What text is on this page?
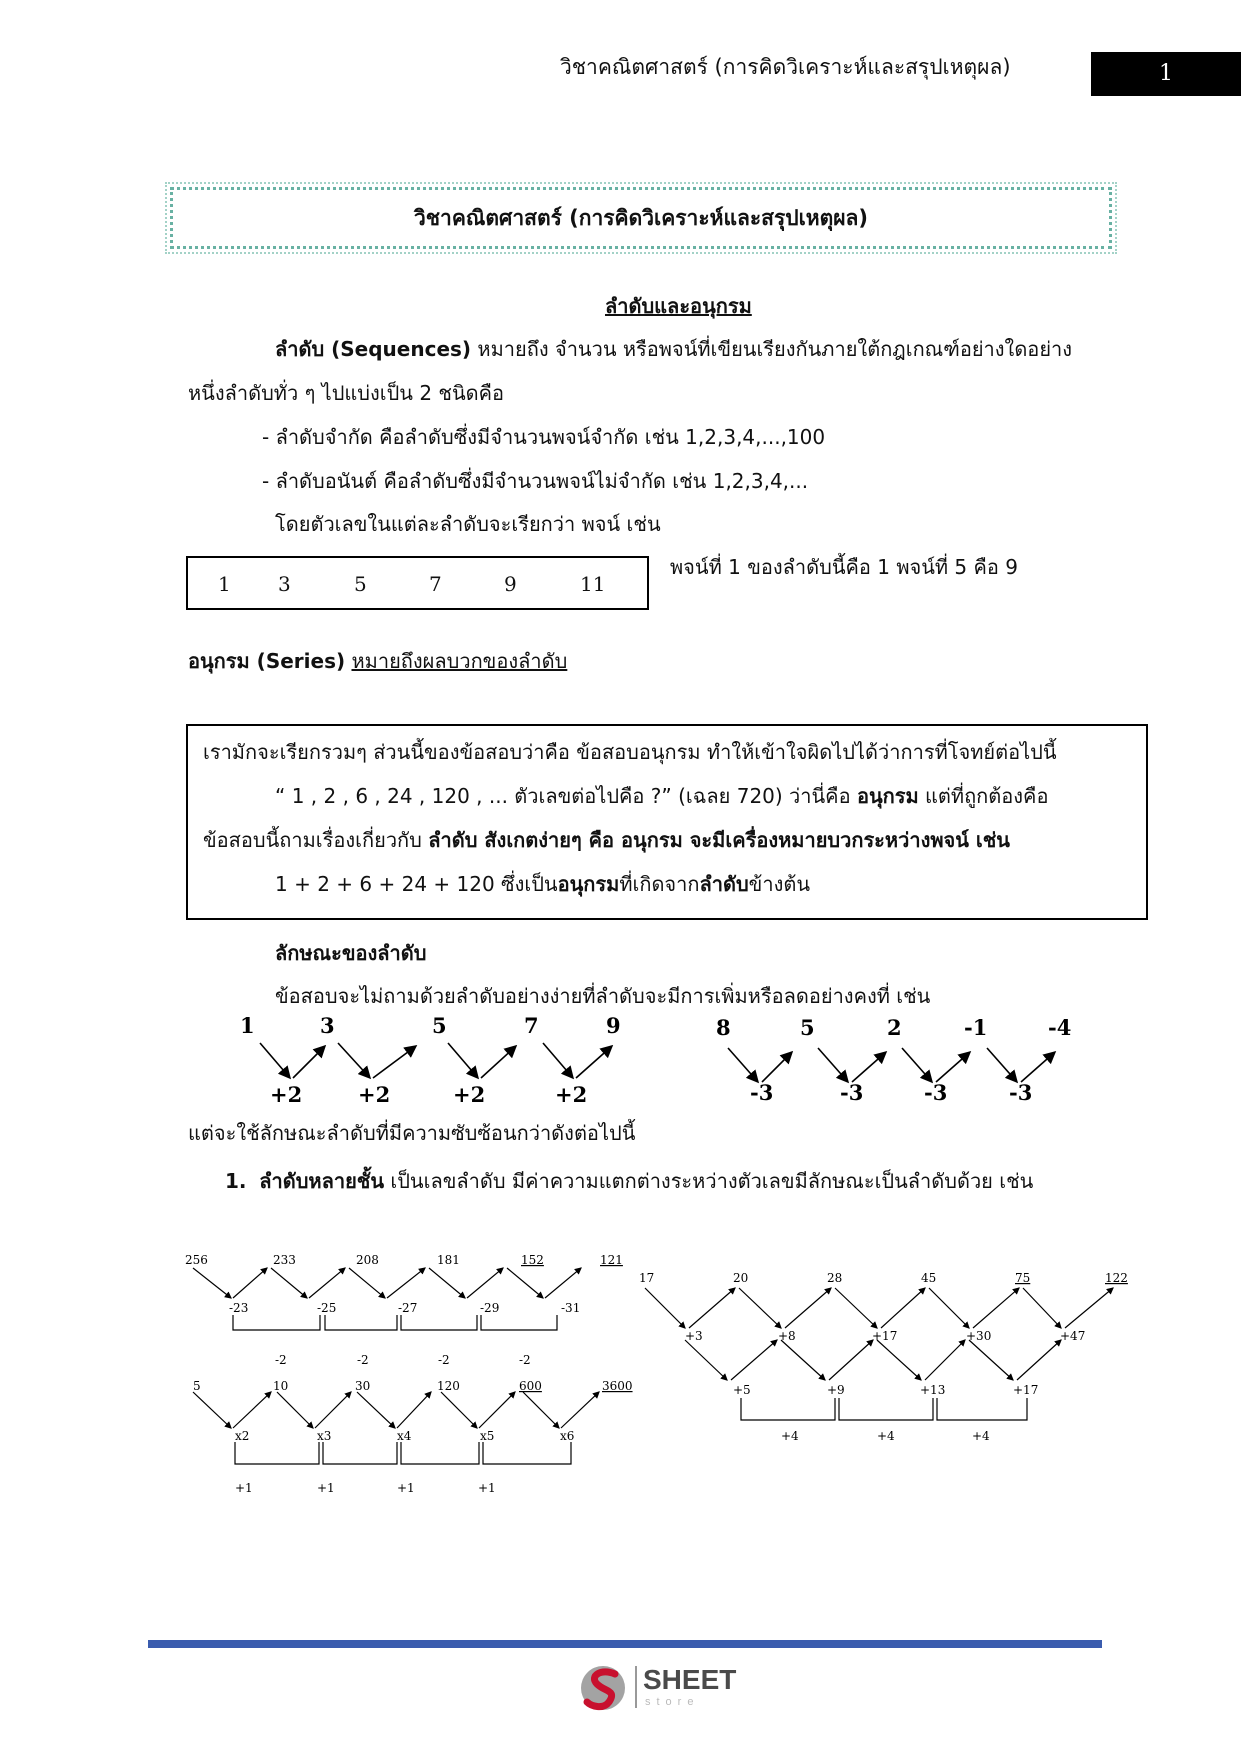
วิชาคณิตศาสตร์ (การคิดวิเคราะห์และสรุปเหตุผล)	1
วิชาคณิตศาสตร์ (การคิดวิเคราะห์และสรุปเหตุผล)
ลำดับและอนุกรม
ลำดับ (Sequences) หมายถึง จำนวน หรือพจน์ที่เขียนเรียงกันภายใต้กฎเกณฑ์อย่างใดอย่าง
หนึ่งลำดับทั่ว ๆ ไปแบ่งเป็น 2 ชนิดคือ
- ลำดับจำกัด คือลำดับซึ่งมีจำนวนพจน์จำกัด เช่น 1,2,3,4,...,100
- ลำดับอนันต์ คือลำดับซึ่งมีจำนวนพจน์ไม่จำกัด เช่น 1,2,3,4,...
โดยตัวเลขในแต่ละลำดับจะเรียกว่า พจน์ เช่น
1 3	5	7	9	11
พจน์ที่ 1 ของลำดับนี้คือ 1 พจน์ที่ 5 คือ 9
อนุกรม (Series) หมายถึงผลบวกของลำดับ
เรามักจะเรียกรวมๆ ส่วนนี้ของข้อสอบว่าคือ ข้อสอบอนุกรม ทำให้เข้าใจผิดไปได้ว่าการที่โจทย์ต่อไปนี้
“ 1 , 2 , 6 , 24 , 120 , ... ตัวเลขต่อไปคือ ?” (เฉลย 720) ว่านี่คือ อนุกรม แต่ที่ถูกต้องคือ
ข้อสอบนี้ถามเรื่องเกี่ยวกับ ลำดับ สังเกตง่ายๆ คือ อนุกรม จะมีเครื่องหมายบวกระหว่างพจน์ เช่น
1 + 2 + 6 + 24 + 120 ซึ่งเป็นอนุกรมที่เกิดจากลำดับข้างต้น
ลักษณะของลำดับ
ข้อสอบจะไม่ถามด้วยลำดับอย่างง่ายที่ลำดับจะมีการเพิ่มหรือลดอย่างคงที่ เช่น
1	3	5	7	9
+2	+2	+2	+2
8	5	2	-1	-4
-3	-3	-3	-3
แต่จะใช้ลักษณะลำดับที่มีความซับซ้อนกว่าดังต่อไปนี้
1. ลำดับหลายชั้น เป็นเลขลำดับ มีค่าความแตกต่างระหว่างตัวเลขมีลักษณะเป็นลำดับด้วย เช่น
256	233	208	181	152	121
-23	-25	-27	-29	-31
-2	-2	-2	-2
5	10	30	120	600	3600
x2	x3	x4	x5	x6
+1	+1	+1	+1
17	20	28	45	75	122
+3	+8	+17	+30	+47
+5	+9	+13	+17
+4	+4	+4
SHEET
store
